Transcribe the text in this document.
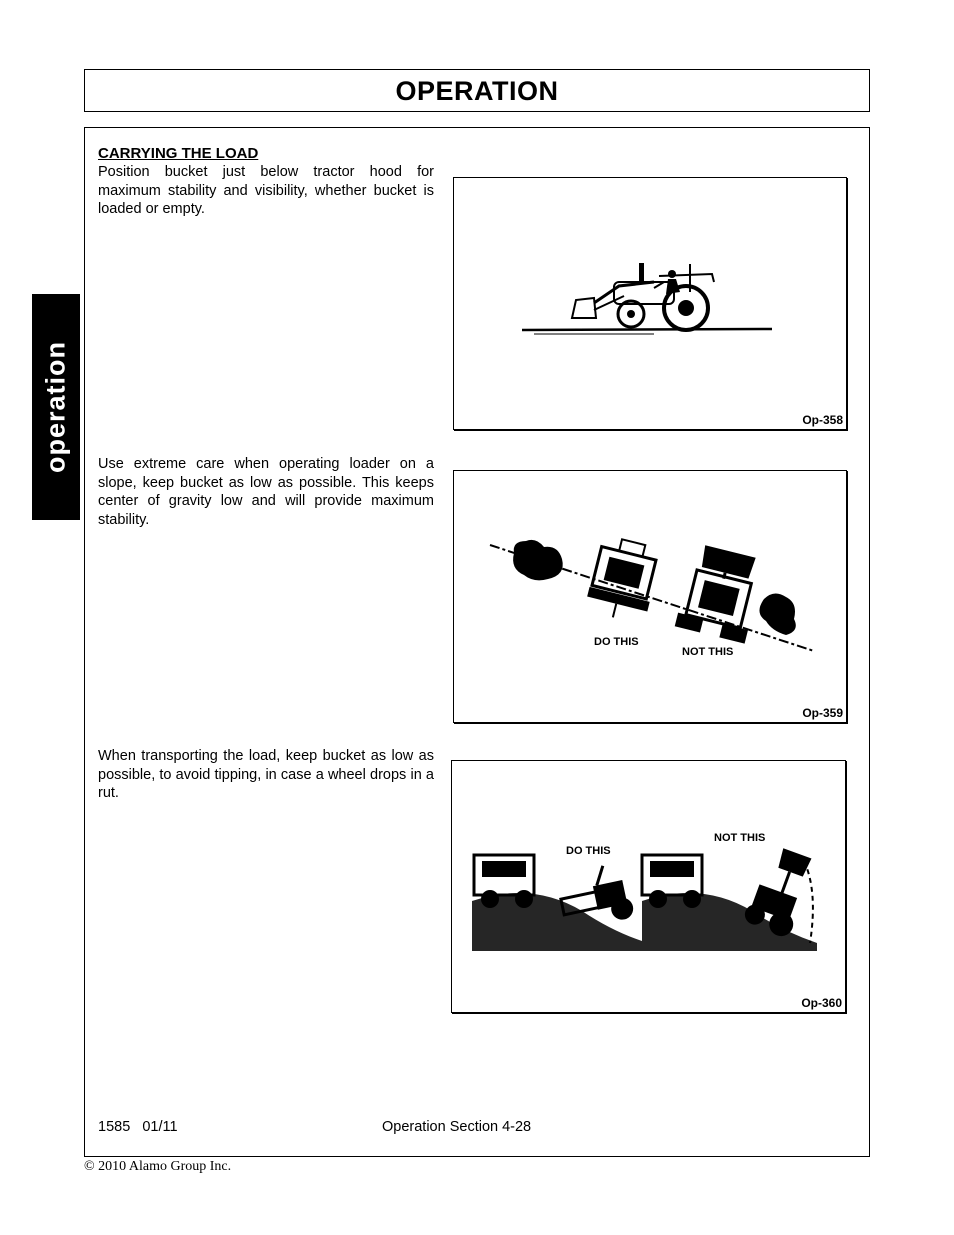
OPERATION
operation
CARRYING THE LOAD

Position bucket just below tractor hood for maximum stability and visibility, whether bucket is loaded or empty.

Use extreme care when operating loader on a slope, keep bucket as low as possible. This keeps center of gravity low and will provide maximum stability.

When transporting the load, keep bucket as low as possible, to avoid tipping, in case a wheel drops in a rut.

Op-358
DO THIS
NOT THIS
Op-359
DO THIS
NOT THIS
Op-360
1585   01/11	Operation Section 4-28
© 2010 Alamo Group Inc.
